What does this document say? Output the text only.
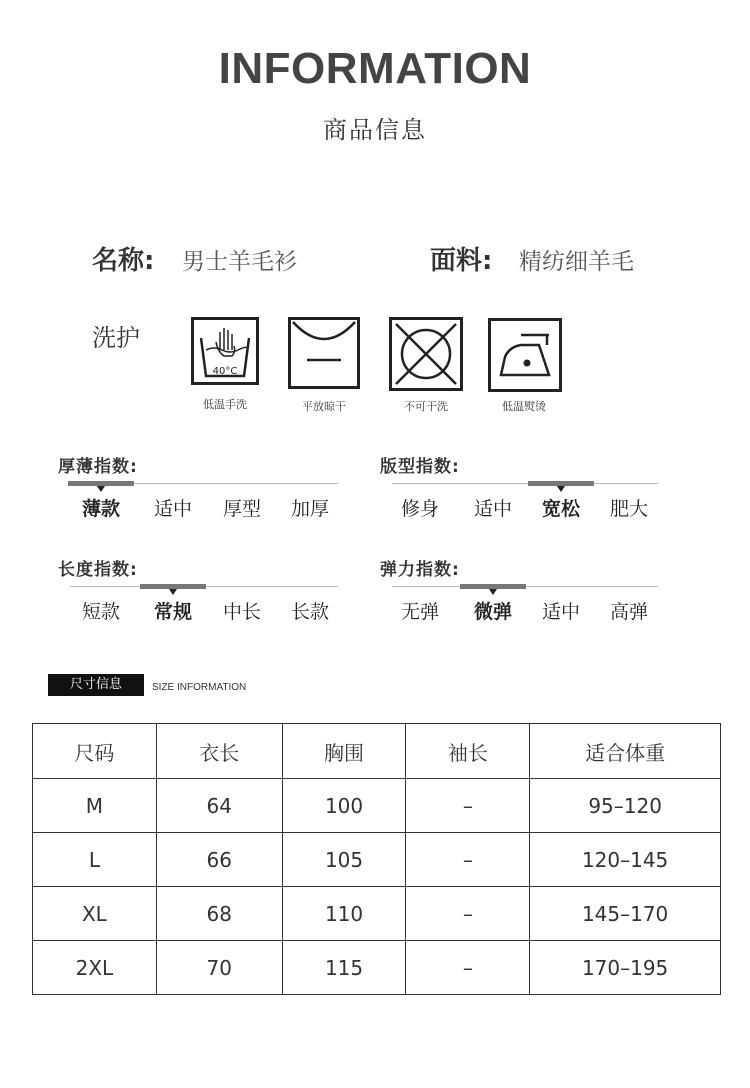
INFORMATION
商品信息
名称: 男士羊毛衫	面料: 精纺细羊毛
洗护
40°C
低温手洗	平放晾干	不可干洗	低温熨烫
厚薄指数:
薄款	适中	厚型	加厚
版型指数:
修身	适中	宽松	肥大
长度指数:
短款	常规	中长	长款
弹力指数:
无弹	微弹	适中	高弹
尺寸信息	SIZE INFORMATION
尺码	衣长	胸围	袖长	适合体重
M	64	100	–	95–120
L	66	105	–	120–145
XL	68	110	–	145–170
2XL	70	115	–	170–195
